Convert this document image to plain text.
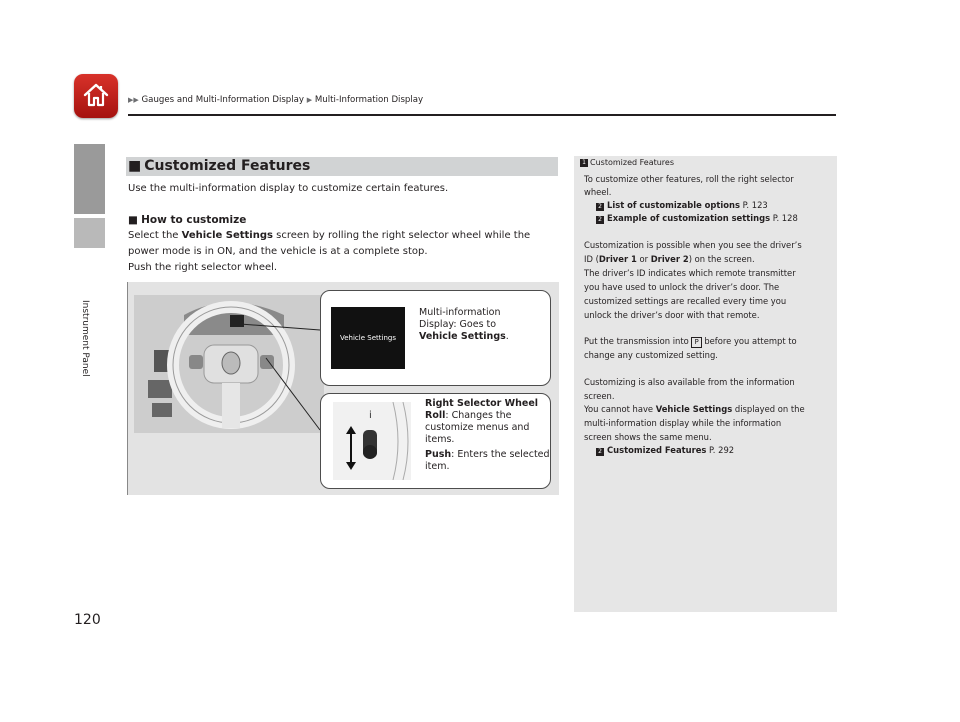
▶▶ Gauges and Multi-Information Display ▶ Multi-Information Display
Instrument Panel
■ Customized Features
Use the multi-information display to customize certain features.
■ How to customize
Select the Vehicle Settings screen by rolling the right selector wheel while the
power mode is in ON, and the vehicle is at a complete stop.
Push the right selector wheel.
Vehicle Settings
Multi-information
Display: Goes to
Vehicle Settings.
i
Right Selector Wheel
Roll: Changes the
customize menus and
items.
Push: Enters the selected
item.
1 Customized Features
To customize other features, roll the right selector
wheel.
2 List of customizable options P. 123
2 Example of customization settings P. 128
Customization is possible when you see the driver’s
ID (Driver 1 or Driver 2) on the screen.
The driver’s ID indicates which remote transmitter
you have used to unlock the driver’s door. The
customized settings are recalled every time you
unlock the driver’s door with that remote.
Put the transmission into P before you attempt to
change any customized setting.
Customizing is also available from the information
screen.
You cannot have Vehicle Settings displayed on the
multi-information display while the information
screen shows the same menu.
2 Customized Features P. 292
120
